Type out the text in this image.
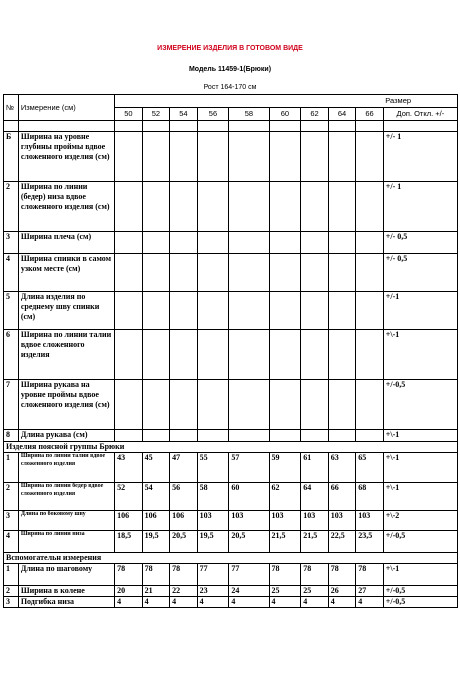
ИЗМЕРЕНИЕ ИЗДЕЛИЯ В ГОТОВОМ ВИДЕ
Модель 11459-1(Брюки)
Рост 164-170 см
№	Измерение (см)										Размер
		50	52	54	56	58	60	62	64	66	Доп. Откл. +/-

Б	Ширина на уровне глубины проймы вдвое сложенного изделия (см)										+/- 1
2	Ширина по линии (бедер) низа вдвое сложенного изделия (см)										+/- 1
3	Ширина плеча (см)										+/- 0,5
4	Ширина спинки в самом узком месте (см)										+/- 0,5
5	Длина изделия по среднему шву спинки (см)										+/-1
6	Ширина по линии талии вдвое сложенного изделия										+\-1
7	Ширина рукава на уровне проймы вдвое сложенного изделия (см)										+/-0,5
8	Длина рукава (см)										+\-1
Изделия поясной группы Брюки											
1	Ширина по линии талии вдвое сложенного изделия	43	45	47	55	57	59	61	63	65	+\-1
2	Ширина по линии бедер вдвое сложенного изделия	52	54	56	58	60	62	64	66	68	+\-1
3	Длина по боковому шву	106	106	106	103	103	103	103	103	103	+\-2
4	Ширина по линии низа	18,5	19,5	20,5	19,5	20,5	21,5	21,5	22,5	23,5	+/-0,5
Вспомогательн измерения											
1	Длина по шаговому	78	78	78	77	77	78	78	78	78	+\-1
2	Ширина в колене	20	21	22	23	24	25	25	26	27	+/-0,5
3	Подгибка низа	4	4	4	4	4	4	4	4	4	+/-0,5
